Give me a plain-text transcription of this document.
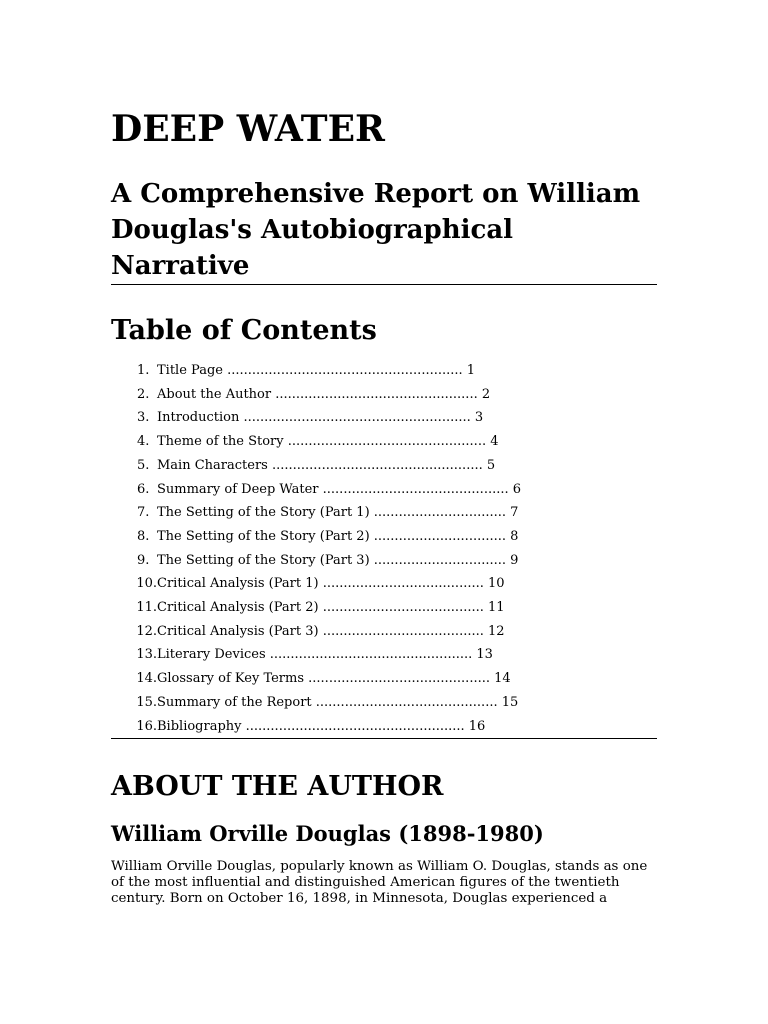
DEEP WATER
A Comprehensive Report on William Douglas's Autobiographical Narrative
Table of Contents
1. Title Page ......................................................... 1
2. About the Author ................................................. 2
3. Introduction ....................................................... 3
4. Theme of the Story ................................................ 4
5. Main Characters ................................................... 5
6. Summary of Deep Water ............................................. 6
7. The Setting of the Story (Part 1) ................................ 7
8. The Setting of the Story (Part 2) ................................ 8
9. The Setting of the Story (Part 3) ................................ 9
10. Critical Analysis (Part 1) ....................................... 10
11. Critical Analysis (Part 2) ....................................... 11
12. Critical Analysis (Part 3) ....................................... 12
13. Literary Devices ................................................. 13
14. Glossary of Key Terms ............................................ 14
15. Summary of the Report ............................................ 15
16. Bibliography ..................................................... 16
ABOUT THE AUTHOR
William Orville Douglas (1898-1980)

William Orville Douglas, popularly known as William O. Douglas, stands as one of the most influential and distinguished American figures of the twentieth century. Born on October 16, 1898, in Minnesota, Douglas experienced a
